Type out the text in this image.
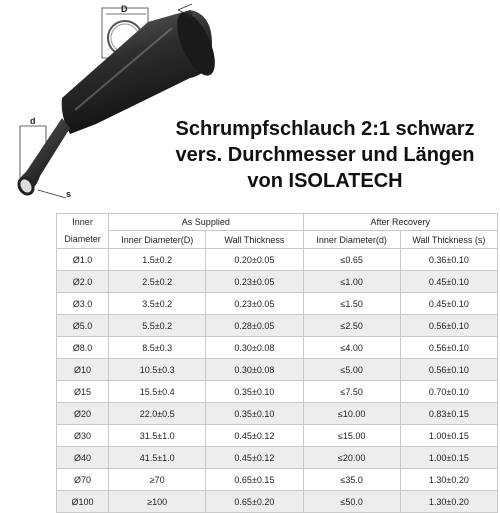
D
D
d
s
Schrumpfschlauch 2:1 schwarz
vers. Durchmesser und Längen
von ISOLATECH
Inner	As Supplied		After Recovery	
Diameter	Inner Diameter(D)	Wall Thickness	Inner Diameter(d)	Wall Thickness (s)
Ø1.0	1.5±0.2	0.20±0.05	≤0.65	0.36±0.10
Ø2.0	2.5±0.2	0.23±0.05	≤1.00	0.45±0.10
Ø3.0	3.5±0.2	0.23±0.05	≤1.50	0.45±0.10
Ø5.0	5.5±0.2	0.28±0.05	≤2.50	0.56±0.10
Ø8.0	8.5±0.3	0.30±0.08	≤4.00	0.56±0.10
Ø10	10.5±0.3	0.30±0.08	≤5.00	0.56±0.10
Ø15	15.5±0.4	0.35±0.10	≤7.50	0.70±0.10
Ø20	22.0±0.5	0.35±0.10	≤10.00	0.83±0.15
Ø30	31.5±1.0	0.45±0.12	≤15.00	1.00±0.15
Ø40	41.5±1.0	0.45±0.12	≤20.00	1.00±0.15
Ø70	≥70	0.65±0.15	≤35.0	1.30±0.20
Ø100	≥100	0.65±0.20	≤50.0	1.30±0.20
